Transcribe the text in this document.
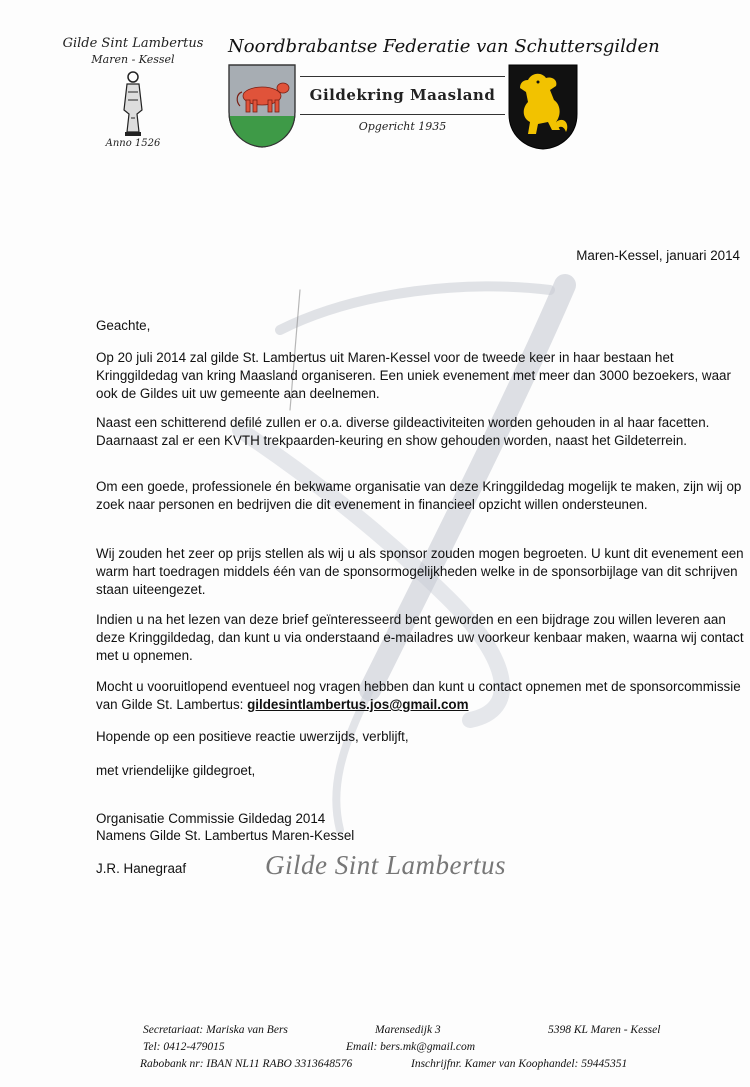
Gilde Sint Lambertus
Maren - Kessel
Anno 1526
Noordbrabantse Federatie van Schuttersgilden
Gildekring Maasland
Opgericht 1935
Maren-Kessel, januari 2014
Geachte,
Op 20 juli 2014 zal gilde St. Lambertus uit Maren-Kessel voor de tweede keer in haar bestaan het Kringgildedag van kring Maasland organiseren. Een uniek evenement met meer dan 3000 bezoekers, waar ook de Gildes uit uw gemeente aan deelnemen.
Naast een schitterend defilé zullen er o.a. diverse gildeactiviteiten worden gehouden in al haar facetten. Daarnaast zal er een KVTH trekpaarden-keuring en show gehouden worden, naast het Gildeterrein.
Om een goede, professionele én bekwame organisatie van deze Kringgildedag mogelijk te maken, zijn wij op zoek naar personen en bedrijven die dit evenement in financieel opzicht willen ondersteunen.
Wij zouden het zeer op prijs stellen als wij u als sponsor zouden mogen begroeten. U kunt dit evenement een warm hart toedragen middels één van de sponsormogelijkheden welke in de sponsorbijlage van dit schrijven staan uiteengezet.
Indien u na het lezen van deze brief geïnteresseerd bent geworden en een bijdrage zou willen leveren aan deze Kringgildedag, dan kunt u via onderstaand e-mailadres uw voorkeur kenbaar maken, waarna wij contact met u opnemen.
Mocht u vooruitlopend eventueel nog vragen hebben dan kunt u contact opnemen met de sponsorcommissie van Gilde St. Lambertus: gildesintlambertus.jos@gmail.com
Hopende op een positieve reactie uwerzijds, verblijft,
met vriendelijke gildegroet,
Organisatie Commissie Gildedag 2014
Namens Gilde St. Lambertus Maren-Kessel
J.R. Hanegraaf	Gilde Sint Lambertus
Secretariaat: Mariska van Bers	Marensedijk 3	5398 KL Maren - Kessel
Tel: 0412-479015	Email: bers.mk@gmail.com
Rabobank nr: IBAN NL11 RABO 3313648576	Inschrijfnr. Kamer van Koophandel: 59445351
